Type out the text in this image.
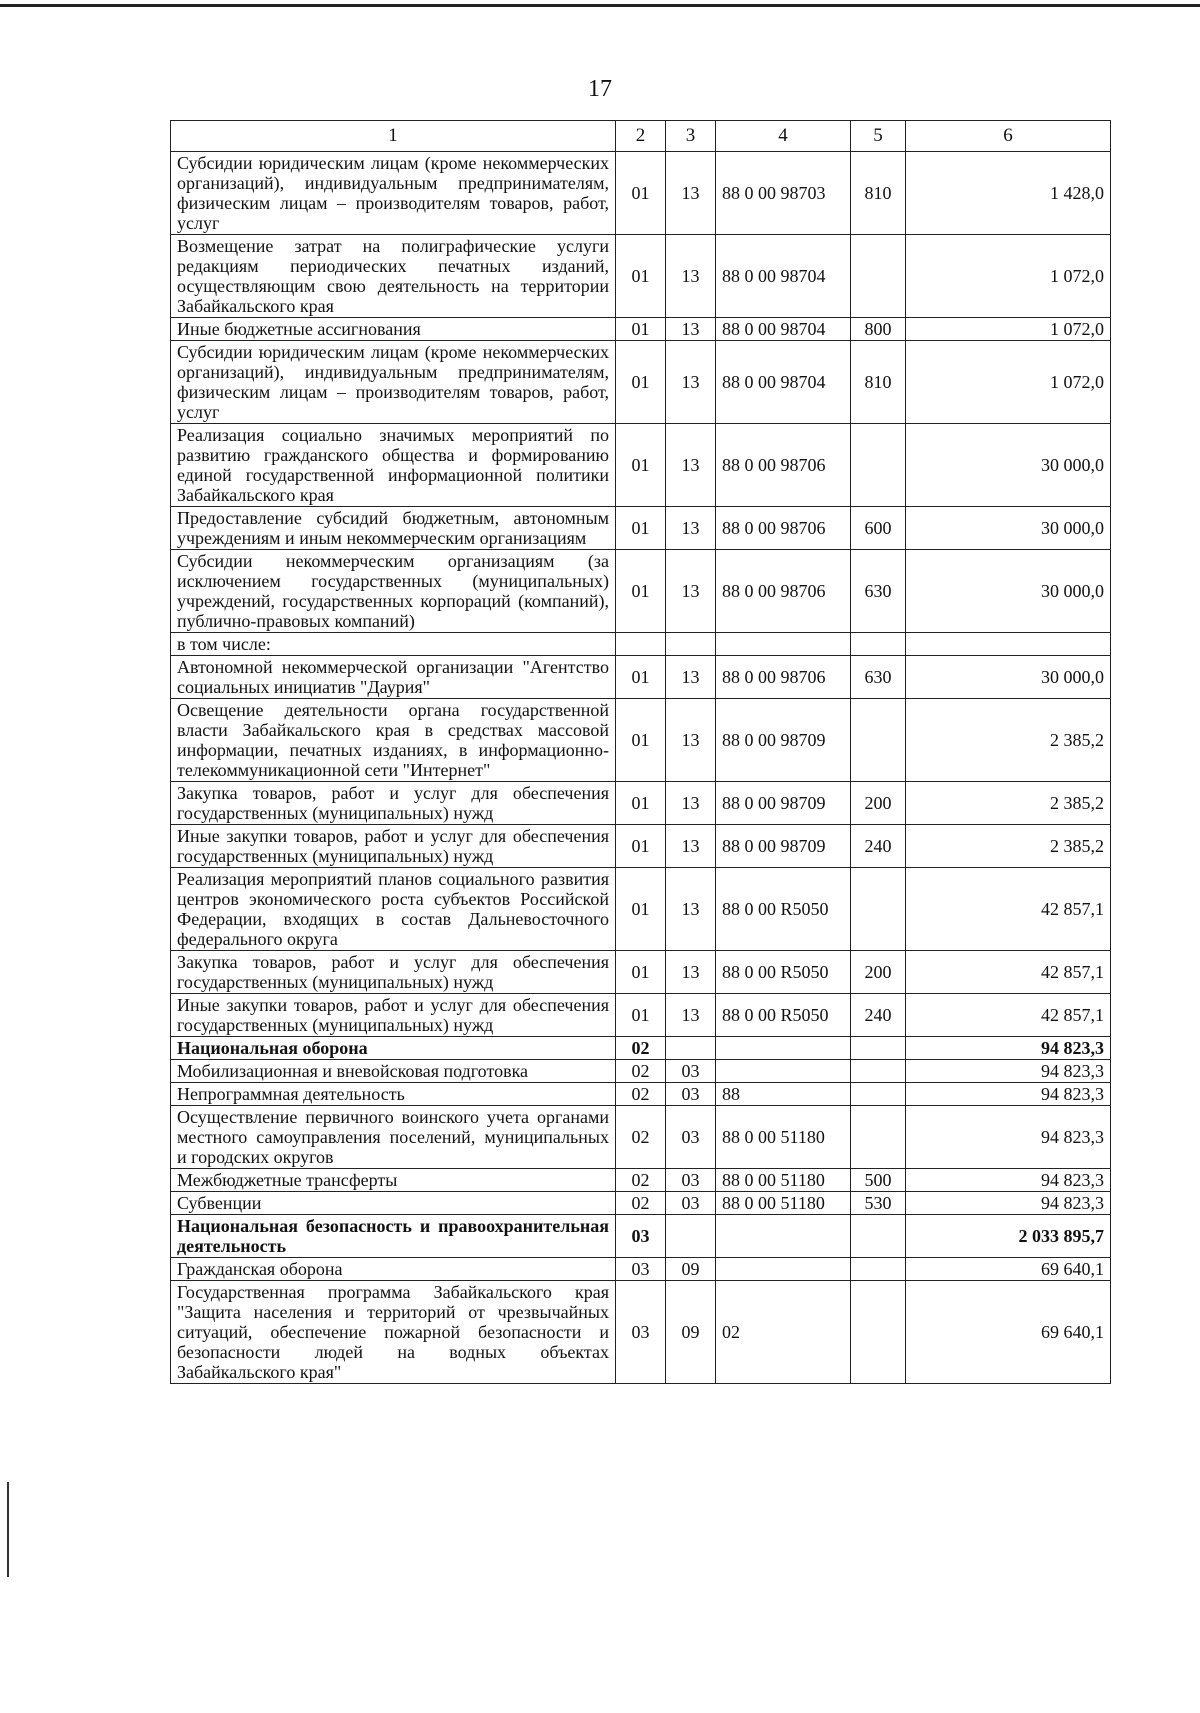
17
1	2	3	4	5	6
Субсидии юридическим лицам (кроме некоммерческих организаций), индивидуальным предпринимателям, физическим лицам – производителям товаров, работ, услуг	01	13	88 0 00 98703	810	1 428,0
Возмещение затрат на полиграфические услуги редакциям периодических печатных изданий, осуществляющим свою деятельность на территории Забайкальского края	01	13	88 0 00 98704		1 072,0
Иные бюджетные ассигнования	01	13	88 0 00 98704	800	1 072,0
Субсидии юридическим лицам (кроме некоммерческих организаций), индивидуальным предпринимателям, физическим лицам – производителям товаров, работ, услуг	01	13	88 0 00 98704	810	1 072,0
Реализация социально значимых мероприятий по развитию гражданского общества и формированию единой государственной информационной политики Забайкальского края	01	13	88 0 00 98706		30 000,0
Предоставление субсидий бюджетным, автономным учреждениям и иным некоммерческим организациям	01	13	88 0 00 98706	600	30 000,0
Субсидии некоммерческим организациям (за исключением государственных (муниципальных) учреждений, государственных корпораций (компаний), публично-правовых компаний)	01	13	88 0 00 98706	630	30 000,0
в том числе:					
Автономной некоммерческой организации "Агентство социальных инициатив "Даурия"	01	13	88 0 00 98706	630	30 000,0
Освещение деятельности органа государственной власти Забайкальского края в средствах массовой информации, печатных изданиях, в информационно-телекоммуникационной сети "Интернет"	01	13	88 0 00 98709		2 385,2
Закупка товаров, работ и услуг для обеспечения государственных (муниципальных) нужд	01	13	88 0 00 98709	200	2 385,2
Иные закупки товаров, работ и услуг для обеспечения государственных (муниципальных) нужд	01	13	88 0 00 98709	240	2 385,2
Реализация мероприятий планов социального развития центров экономического роста субъектов Российской Федерации, входящих в состав Дальневосточного федерального округа	01	13	88 0 00 R5050		42 857,1
Закупка товаров, работ и услуг для обеспечения государственных (муниципальных) нужд	01	13	88 0 00 R5050	200	42 857,1
Иные закупки товаров, работ и услуг для обеспечения государственных (муниципальных) нужд	01	13	88 0 00 R5050	240	42 857,1
Национальная оборона	02				94 823,3
Мобилизационная и вневойсковая подготовка	02	03			94 823,3
Непрограммная деятельность	02	03	88		94 823,3
Осуществление первичного воинского учета органами местного самоуправления поселений, муниципальных и городских округов	02	03	88 0 00 51180		94 823,3
Межбюджетные трансферты	02	03	88 0 00 51180	500	94 823,3
Субвенции	02	03	88 0 00 51180	530	94 823,3
Национальная безопасность и правоохранительная деятельность	03				2 033 895,7
Гражданская оборона	03	09			69 640,1
Государственная программа Забайкальского края "Защита населения и территорий от чрезвычайных ситуаций, обеспечение пожарной безопасности и безопасности людей на водных объектах Забайкальского края"	03	09	02		69 640,1
